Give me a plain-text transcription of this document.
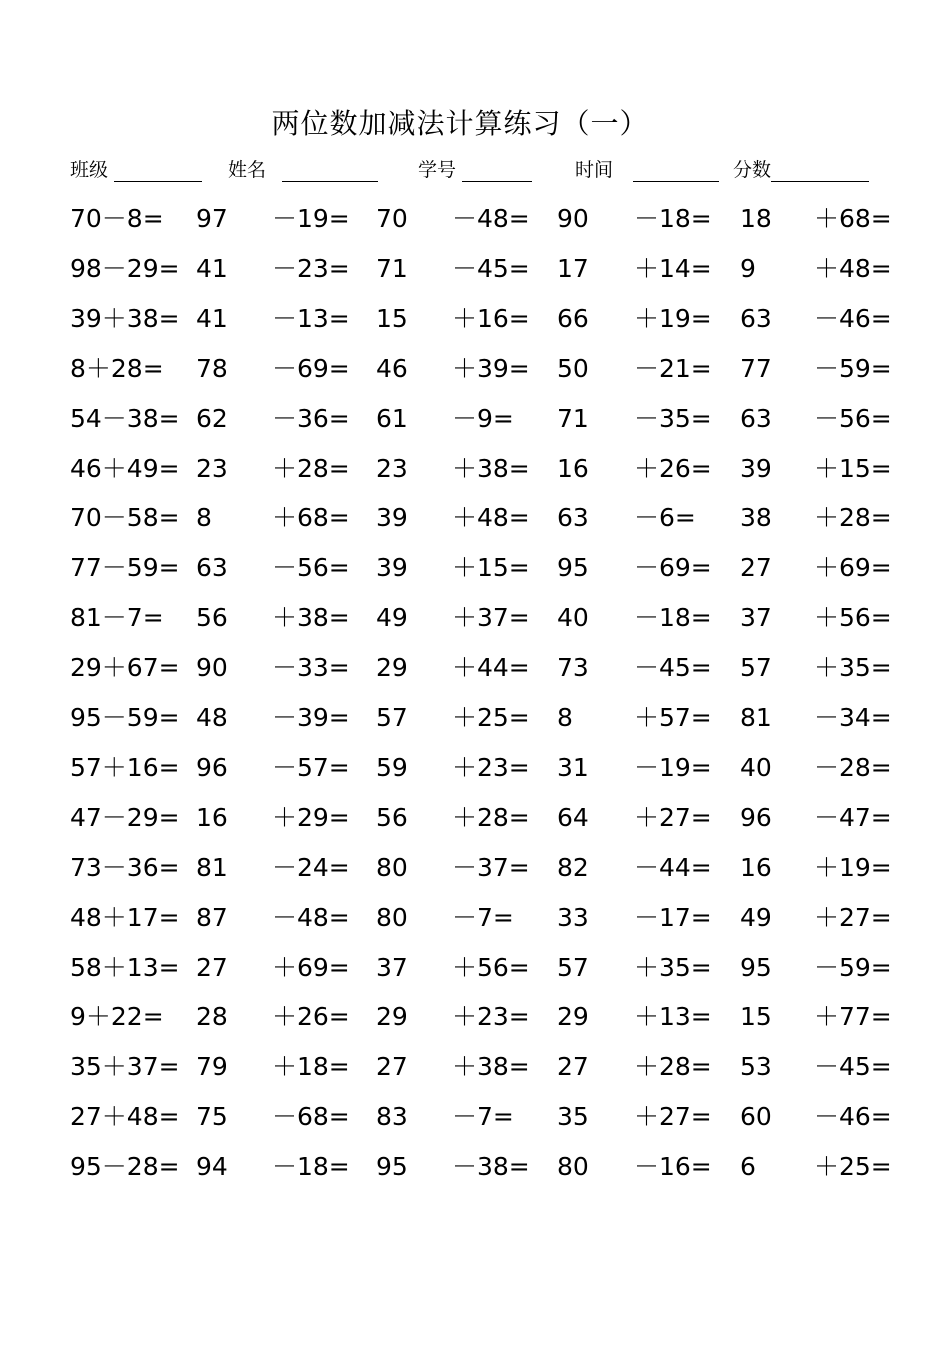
两位数加减法计算练习（一）
班级	姓名	学号	时间	分数
70－8= 97 －19= 70 －48= 90 －18= 18 ＋68=
98－29= 41 －23= 71 －45= 17 ＋14= 9 ＋48=
39＋38= 41 －13= 15 ＋16= 66 ＋19= 63 －46=
8＋28= 78 －69= 46 ＋39= 50 －21= 77 －59=
54－38= 62 －36= 61 －9= 71 －35= 63 －56=
46＋49= 23 ＋28= 23 ＋38= 16 ＋26= 39 ＋15=
70－58= 8 ＋68= 39 ＋48= 63 －6= 38 ＋28=
77－59= 63 －56= 39 ＋15= 95 －69= 27 ＋69=
81－7= 56 ＋38= 49 ＋37= 40 －18= 37 ＋56=
29＋67= 90 －33= 29 ＋44= 73 －45= 57 ＋35=
95－59= 48 －39= 57 ＋25= 8 ＋57= 81 －34=
57＋16= 96 －57= 59 ＋23= 31 －19= 40 －28=
47－29= 16 ＋29= 56 ＋28= 64 ＋27= 96 －47=
73－36= 81 －24= 80 －37= 82 －44= 16 ＋19=
48＋17= 87 －48= 80 －7= 33 －17= 49 ＋27=
58＋13= 27 ＋69= 37 ＋56= 57 ＋35= 95 －59=
9＋22= 28 ＋26= 29 ＋23= 29 ＋13= 15 ＋77=
35＋37= 79 ＋18= 27 ＋38= 27 ＋28= 53 －45=
27＋48= 75 －68= 83 －7= 35 ＋27= 60 －46=
95－28= 94 －18= 95 －38= 80 －16= 6 ＋25=
